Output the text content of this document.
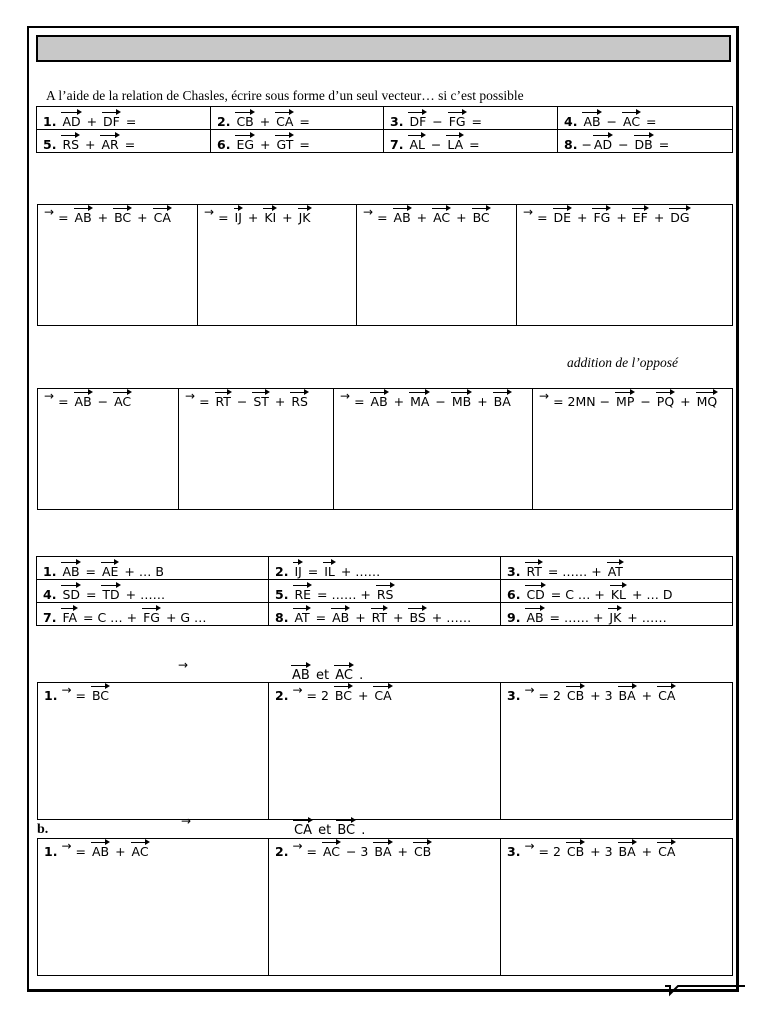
A l’aide de la relation de Chasles, écrire sous forme d’un seul vecteur… si c’est possible
1. AD + DF =	2. CB + CA =	3. DF − FG =	4. AB − AC =
5. RS + AR =	6. EG + GT =	7. AL − LA =	8. − AD − DB =
→ = AB + BC + CA	→ = IJ + KI + JK	→ = AB + AC + BC	→ = DE + FG + EF + DG
addition de l’opposé
→ = AB − AC	→ = RT − ST + RS	→ = AB + MA − MB + BA	→ = 2MN − MP − PQ + MQ
1. AB = AE + … B	2. IJ = IL + ……	3. RT = …… + AT
4. SD = TD + ……	5. RE = …… + RS	6. CD = C … + KL + … D
7. FA = C … + FG + G …	8. AT = AB + RT + BS + ……	9. AB = …… + JK + ……
→
AB et AC .
1. → = BC	2. → = 2 BC + CA	3. → = 2 CB + 3 BA + CA
b.
→
CA et BC .
1. → = AB + AC	2. → = AC − 3 BA + CB	3. → = 2 CB + 3 BA + CA
